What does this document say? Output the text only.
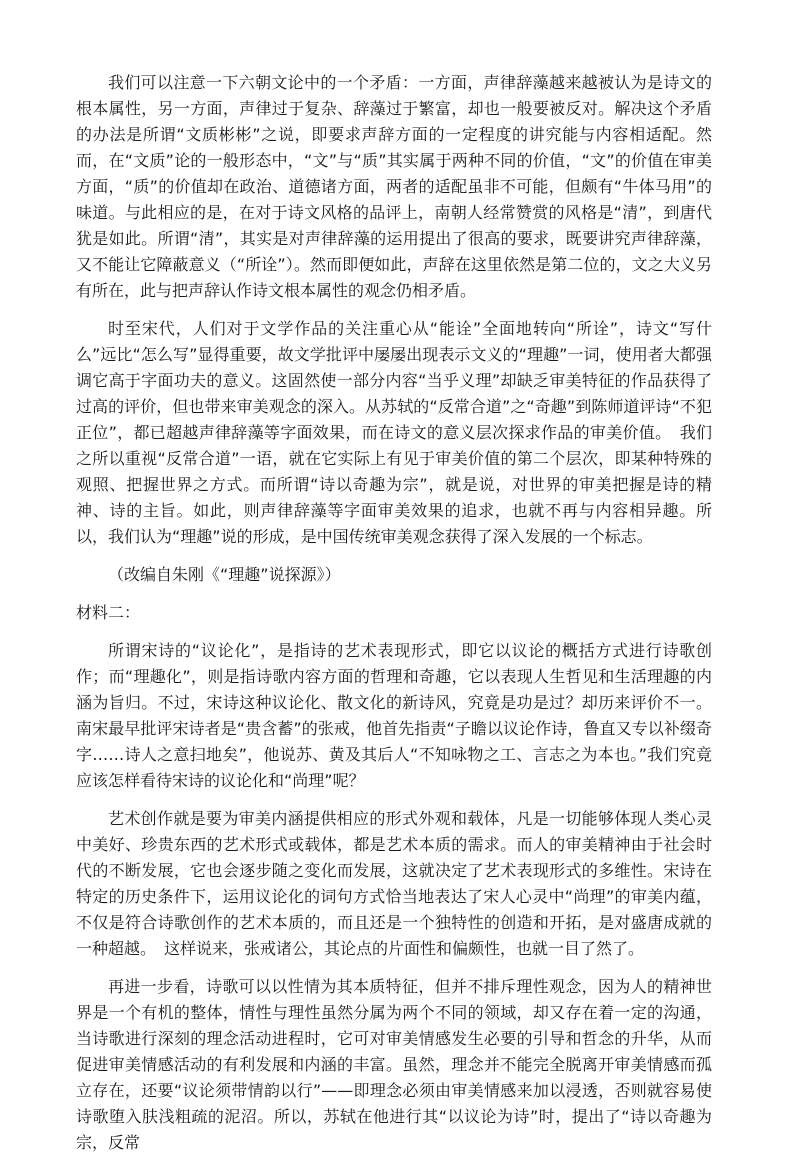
我们可以注意一下六朝文论中的一个矛盾：一方面，声律辞藻越来越被认为是诗文的根本属性，另一方面，声律过于复杂、辞藻过于繁富，却也一般要被反对。解决这个矛盾的办法是所谓“文质彬彬”之说，即要求声辞方面的一定程度的讲究能与内容相适配。然而，在“文质”论的一般形态中，“文”与“质”其实属于两种不同的价值，“文”的价值在审美方面，“质”的价值却在政治、道德诸方面，两者的适配虽非不可能，但颇有“牛体马用”的味道。与此相应的是，在对于诗文风格的品评上，南朝人经常赞赏的风格是“清”，到唐代犹是如此。所谓“清”，其实是对声律辞藻的运用提出了很高的要求，既要讲究声律辞藻，又不能让它障蔽意义（“所诠”）。然而即便如此，声辞在这里依然是第二位的，文之大义另有所在，此与把声辞认作诗文根本属性的观念仍相矛盾。

时至宋代，人们对于文学作品的关注重心从“能诠”全面地转向“所诠”，诗文“写什么”远比“怎么写”显得重要，故文学批评中屡屡出现表示文义的“理趣”一词，使用者大都强调它高于字面功夫的意义。这固然使一部分内容“当乎义理”却缺乏审美特征的作品获得了过高的评价，但也带来审美观念的深入。从苏轼的“反常合道”之“奇趣”到陈师道评诗“不犯正位”，都已超越声律辞藻等字面效果，而在诗文的意义层次探求作品的审美价值。　我们之所以重视“反常合道”一语，就在它实际上有见于审美价值的第二个层次，即某种特殊的观照、把握世界之方式。而所谓“诗以奇趣为宗”，就是说，对世界的审美把握是诗的精神、诗的主旨。如此，则声律辞藻等字面审美效果的追求，也就不再与内容相异趣。所以，我们认为“理趣”说的形成，是中国传统审美观念获得了深入发展的一个标志。

（改编自朱刚《“理趣”说探源》）

材料二：

所谓宋诗的“议论化”，是指诗的艺术表现形式，即它以议论的概括方式进行诗歌创作；而“理趣化”，则是指诗歌内容方面的哲理和奇趣，它以表现人生哲见和生活理趣的内涵为旨归。不过，宋诗这种议论化、散文化的新诗风，究竟是功是过？却历来评价不一。南宋最早批评宋诗者是“贵含蓄”的张戒，他首先指责“子瞻以议论作诗，鲁直又专以补缀奇字……诗人之意扫地矣”，他说苏、黄及其后人“不知咏物之工、言志之为本也。”我们究竟应该怎样看待宋诗的议论化和“尚理”呢？

艺术创作就是要为审美内涵提供相应的形式外观和载体，凡是一切能够体现人类心灵中美好、珍贵东西的艺术形式或载体，都是艺术本质的需求。而人的审美精神由于社会时代的不断发展，它也会逐步随之变化而发展，这就决定了艺术表现形式的多维性。宋诗在特定的历史条件下，运用议论化的词句方式恰当地表达了宋人心灵中“尚理”的审美内蕴，不仅是符合诗歌创作的艺术本质的，而且还是一个独特性的创造和开拓，是对盛唐成就的一种超越。　这样说来，张戒诸公，其论点的片面性和偏颇性，也就一目了然了。

再进一步看，诗歌可以以性情为其本质特征，但并不排斥理性观念，因为人的精神世界是一个有机的整体，情性与理性虽然分属为两个不同的领域，却又存在着一定的沟通，当诗歌进行深刻的理念活动进程时，它可对审美情感发生必要的引导和哲念的升华，从而促进审美情感活动的有利发展和内涵的丰富。虽然，理念并不能完全脱离开审美情感而孤立存在，还要“议论须带情韵以行”——即理念必须由审美情感来加以浸透，否则就容易使诗歌堕入肤浅粗疏的泥沼。所以，苏轼在他进行其“以议论为诗”时，提出了“诗以奇趣为宗，反常
